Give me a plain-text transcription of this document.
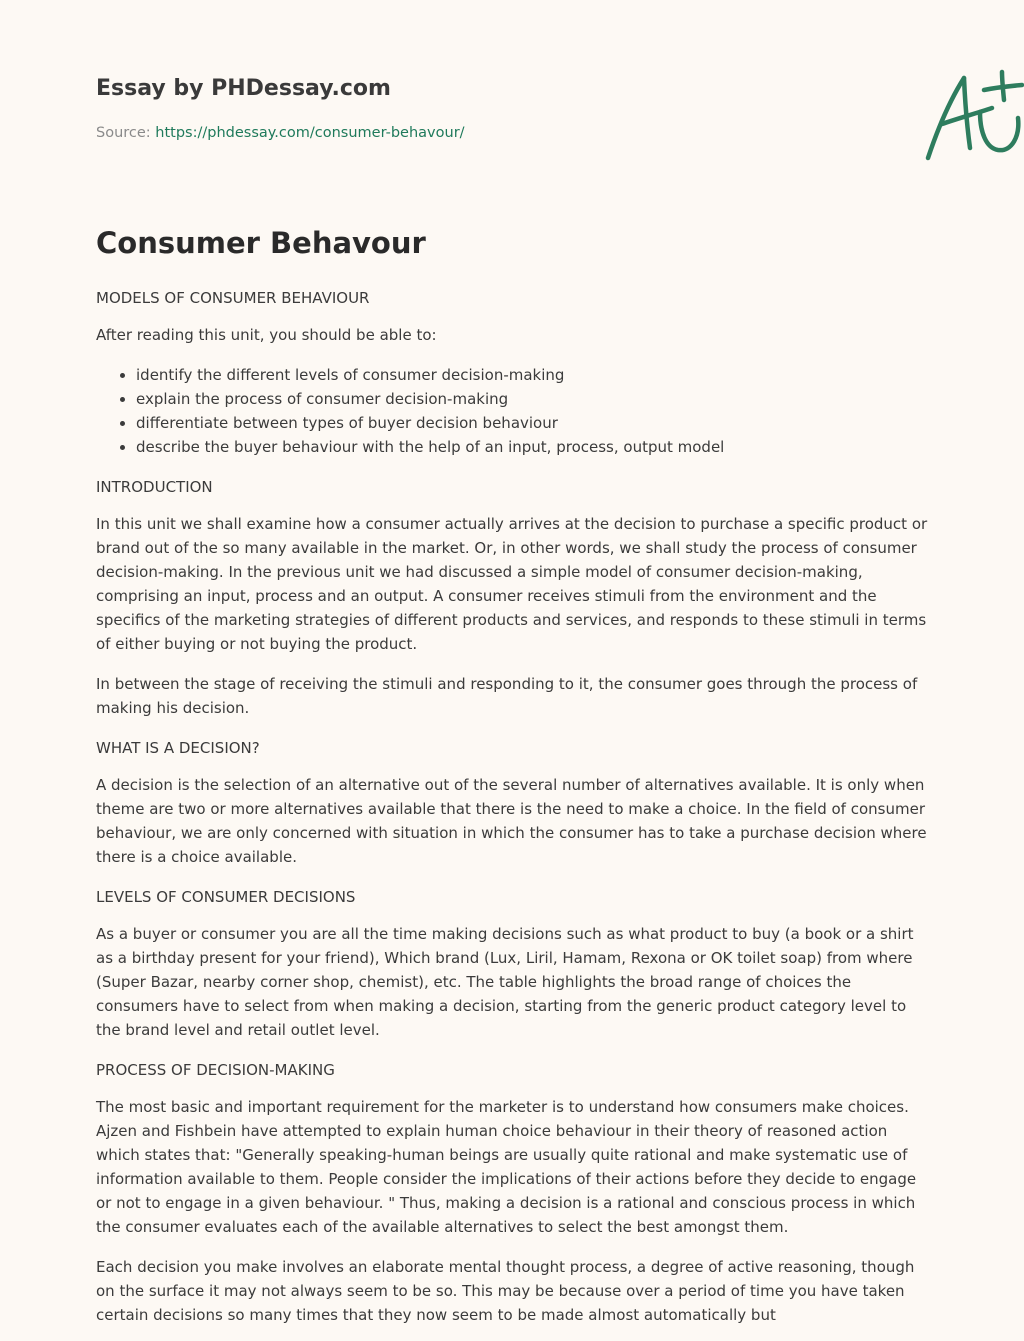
Essay by PHDessay.com
Source: https://phdessay.com/consumer-behavour/
Consumer Behavour

MODELS OF CONSUMER BEHAVIOUR

After reading this unit, you should be able to:

• identify the different levels of consumer decision-making
• explain the process of consumer decision-making
• differentiate between types of buyer decision behaviour
• describe the buyer behaviour with the help of an input, process, output model

INTRODUCTION

In this unit we shall examine how a consumer actually arrives at the decision to purchase a specific product or brand out of the so many available in the market. Or, in other words, we shall study the process of consumer decision-making. In the previous unit we had discussed a simple model of consumer decision-making, comprising an input, process and an output. A consumer receives stimuli from the environment and the specifics of the marketing strategies of different products and services, and responds to these stimuli in terms of either buying or not buying the product.

In between the stage of receiving the stimuli and responding to it, the consumer goes through the process of making his decision.

WHAT IS A DECISION?

A decision is the selection of an alternative out of the several number of alternatives available. It is only when theme are two or more alternatives available that there is the need to make a choice. In the field of consumer behaviour, we are only concerned with situation in which the consumer has to take a purchase decision where there is a choice available.

LEVELS OF CONSUMER DECISIONS

As a buyer or consumer you are all the time making decisions such as what product to buy (a book or a shirt as a birthday present for your friend), Which brand (Lux, Liril, Hamam, Rexona or OK toilet soap) from where (Super Bazar, nearby corner shop, chemist), etc. The table highlights the broad range of choices the consumers have to select from when making a decision, starting from the generic product category level to the brand level and retail outlet level.

PROCESS OF DECISION-MAKING

The most basic and important requirement for the marketer is to understand how consumers make choices. Ajzen and Fishbein have attempted to explain human choice behaviour in their theory of reasoned action which states that: "Generally speaking-human beings are usually quite rational and make systematic use of information available to them. People consider the implications of their actions before they decide to engage or not to engage in a given behaviour. " Thus, making a decision is a rational and conscious process in which the consumer evaluates each of the available alternatives to select the best amongst them.

Each decision you make involves an elaborate mental thought process, a degree of active reasoning, though on the surface it may not always seem to be so. This may be because over a period of time you have taken certain decisions so many times that they now seem to be made almost automatically but
